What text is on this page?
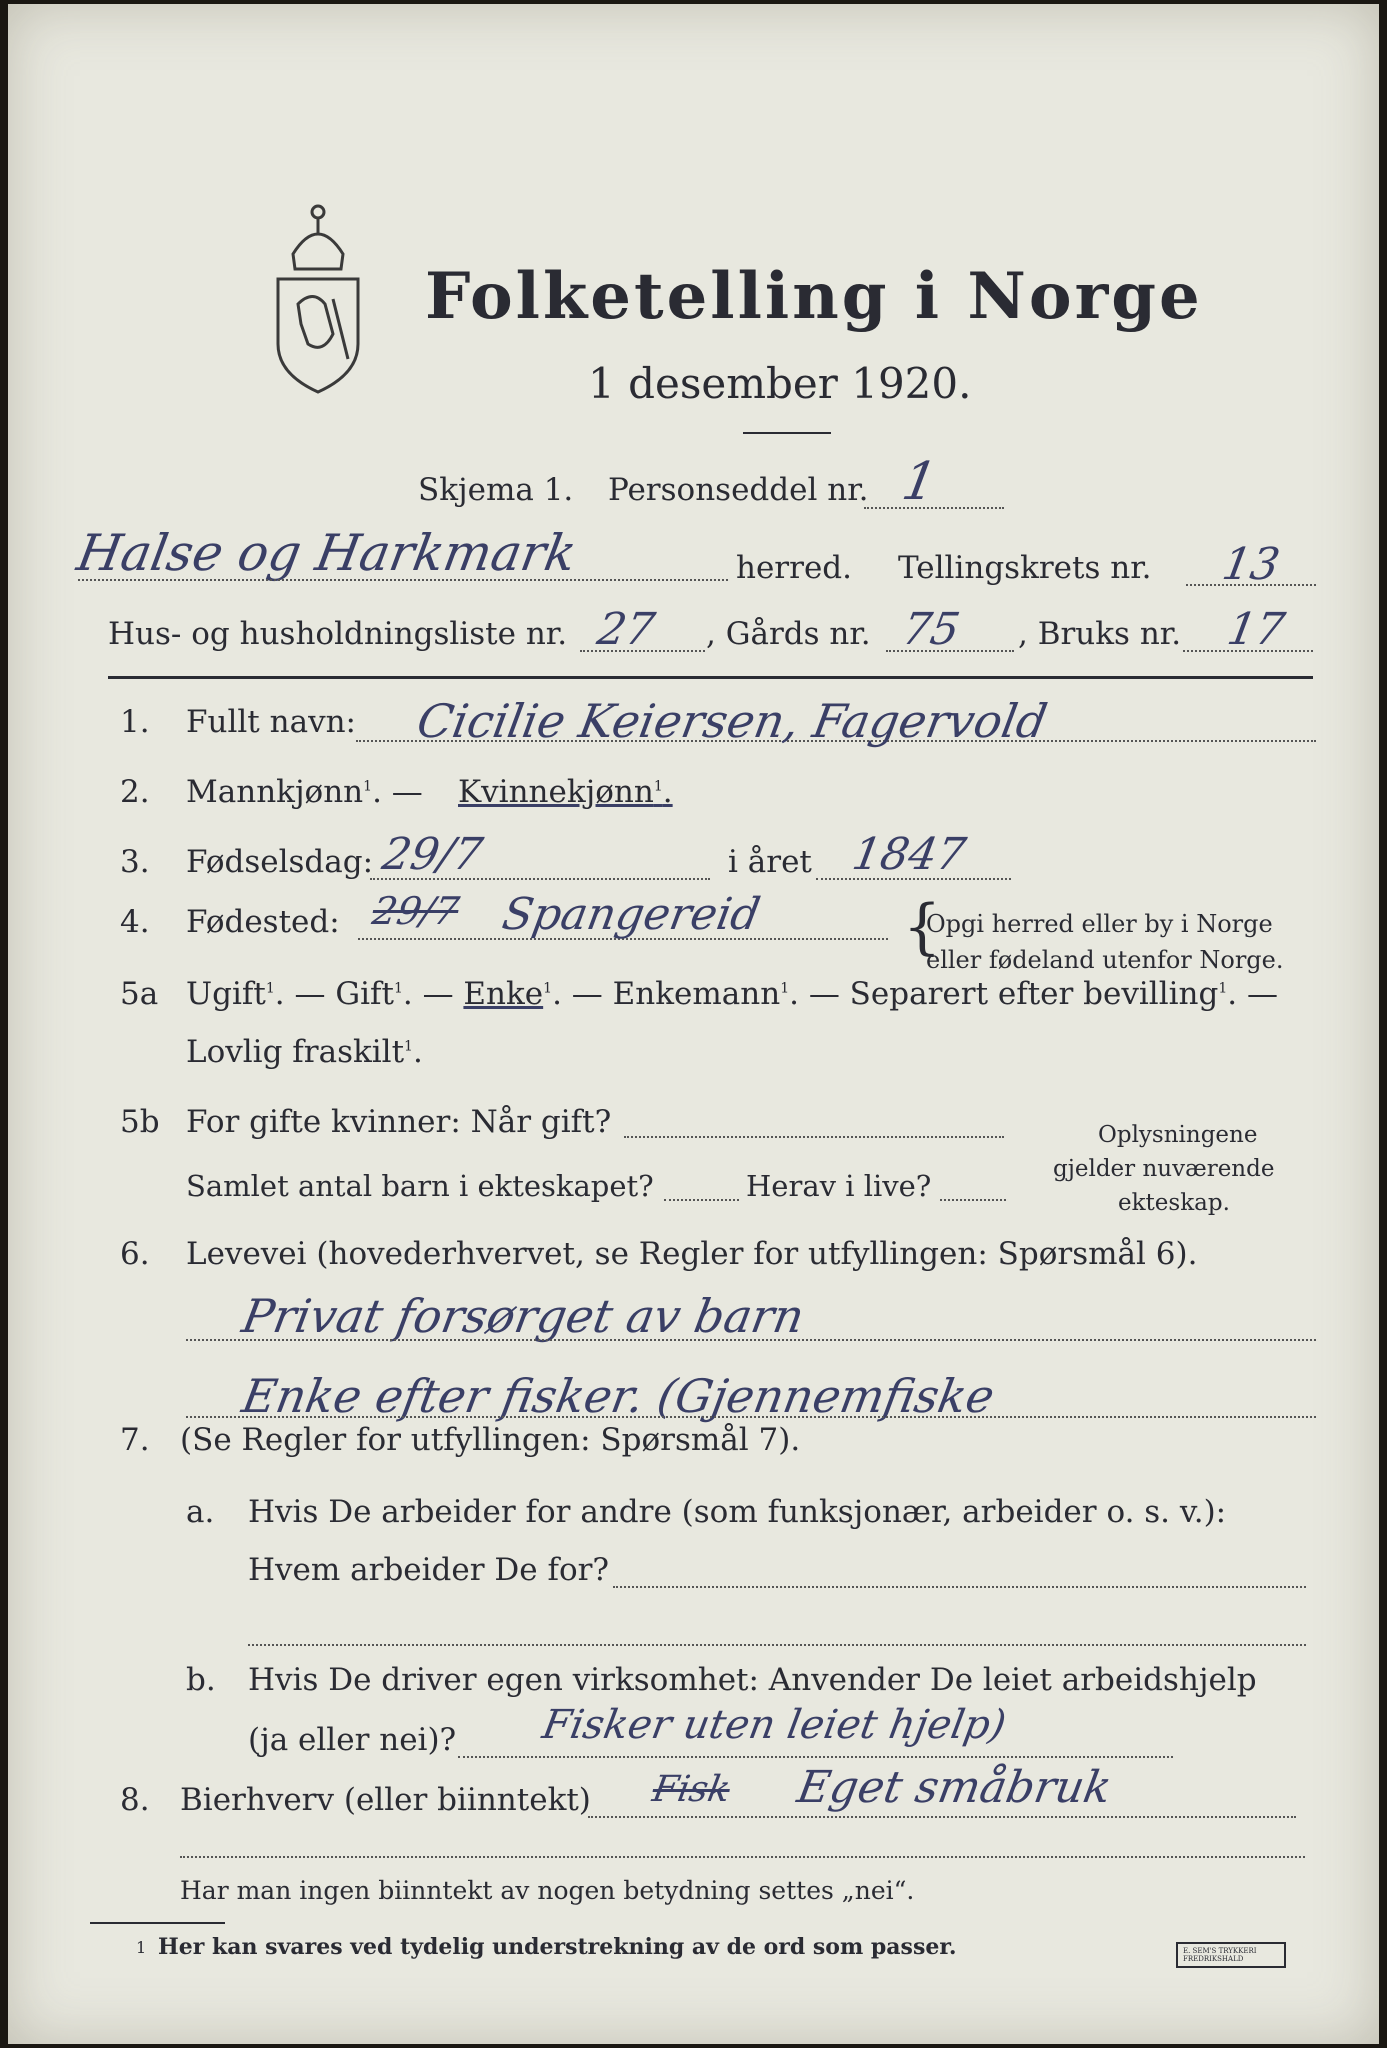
Folketelling i Norge
1 desember 1920.
Skjema 1. Personseddel nr. 1
Halse og Harkmark	herred. Tellingskrets nr. 13
Hus- og husholdningsliste nr. 27 , Gårds nr. 75 , Bruks nr. 17
1. Fullt navn: Cicilie Keiersen, Fagervold
2. Mannkjønn$^1$. — Kvinnekjønn$^1$.
3. Fødselsdag: 29/7	i året 1847
4. Fødested: 29/7 Spangereid {
Opgi herred eller by i Norge
eller fødeland utenfor Norge.
5a Ugift$^1$. — Gift$^1$. — Enke$^1$. — Enkemann$^1$. — Separert efter bevilling$^1$. —
Lovlig fraskilt$^1$.
5b For gifte kvinner: Når gift?
Samlet antal barn i ekteskapet?	Herav i live?
Oplysningene
gjelder nuværende
ekteskap.
6. Levevei (hovederhvervet, se Regler for utfyllingen: Spørsmål 6).
Privat forsørget av barn
Enke efter fisker. (Gjennemfiske
7. (Se Regler for utfyllingen: Spørsmål 7).
a. Hvis De arbeider for andre (som funksjonær, arbeider o. s. v.):
Hvem arbeider De for?
b. Hvis De driver egen virksomhet: Anvender De leiet arbeidshjelp
(ja eller nei)? Fisker uten leiet hjelp)
8. Bierhverv (eller biinntekt) Fisk Eget småbruk
Har man ingen biinntekt av nogen betydning settes „nei“.
1 Her kan svares ved tydelig understrekning av de ord som passer.	E. SEM'S TRYKKERI FREDRIKSHALD
